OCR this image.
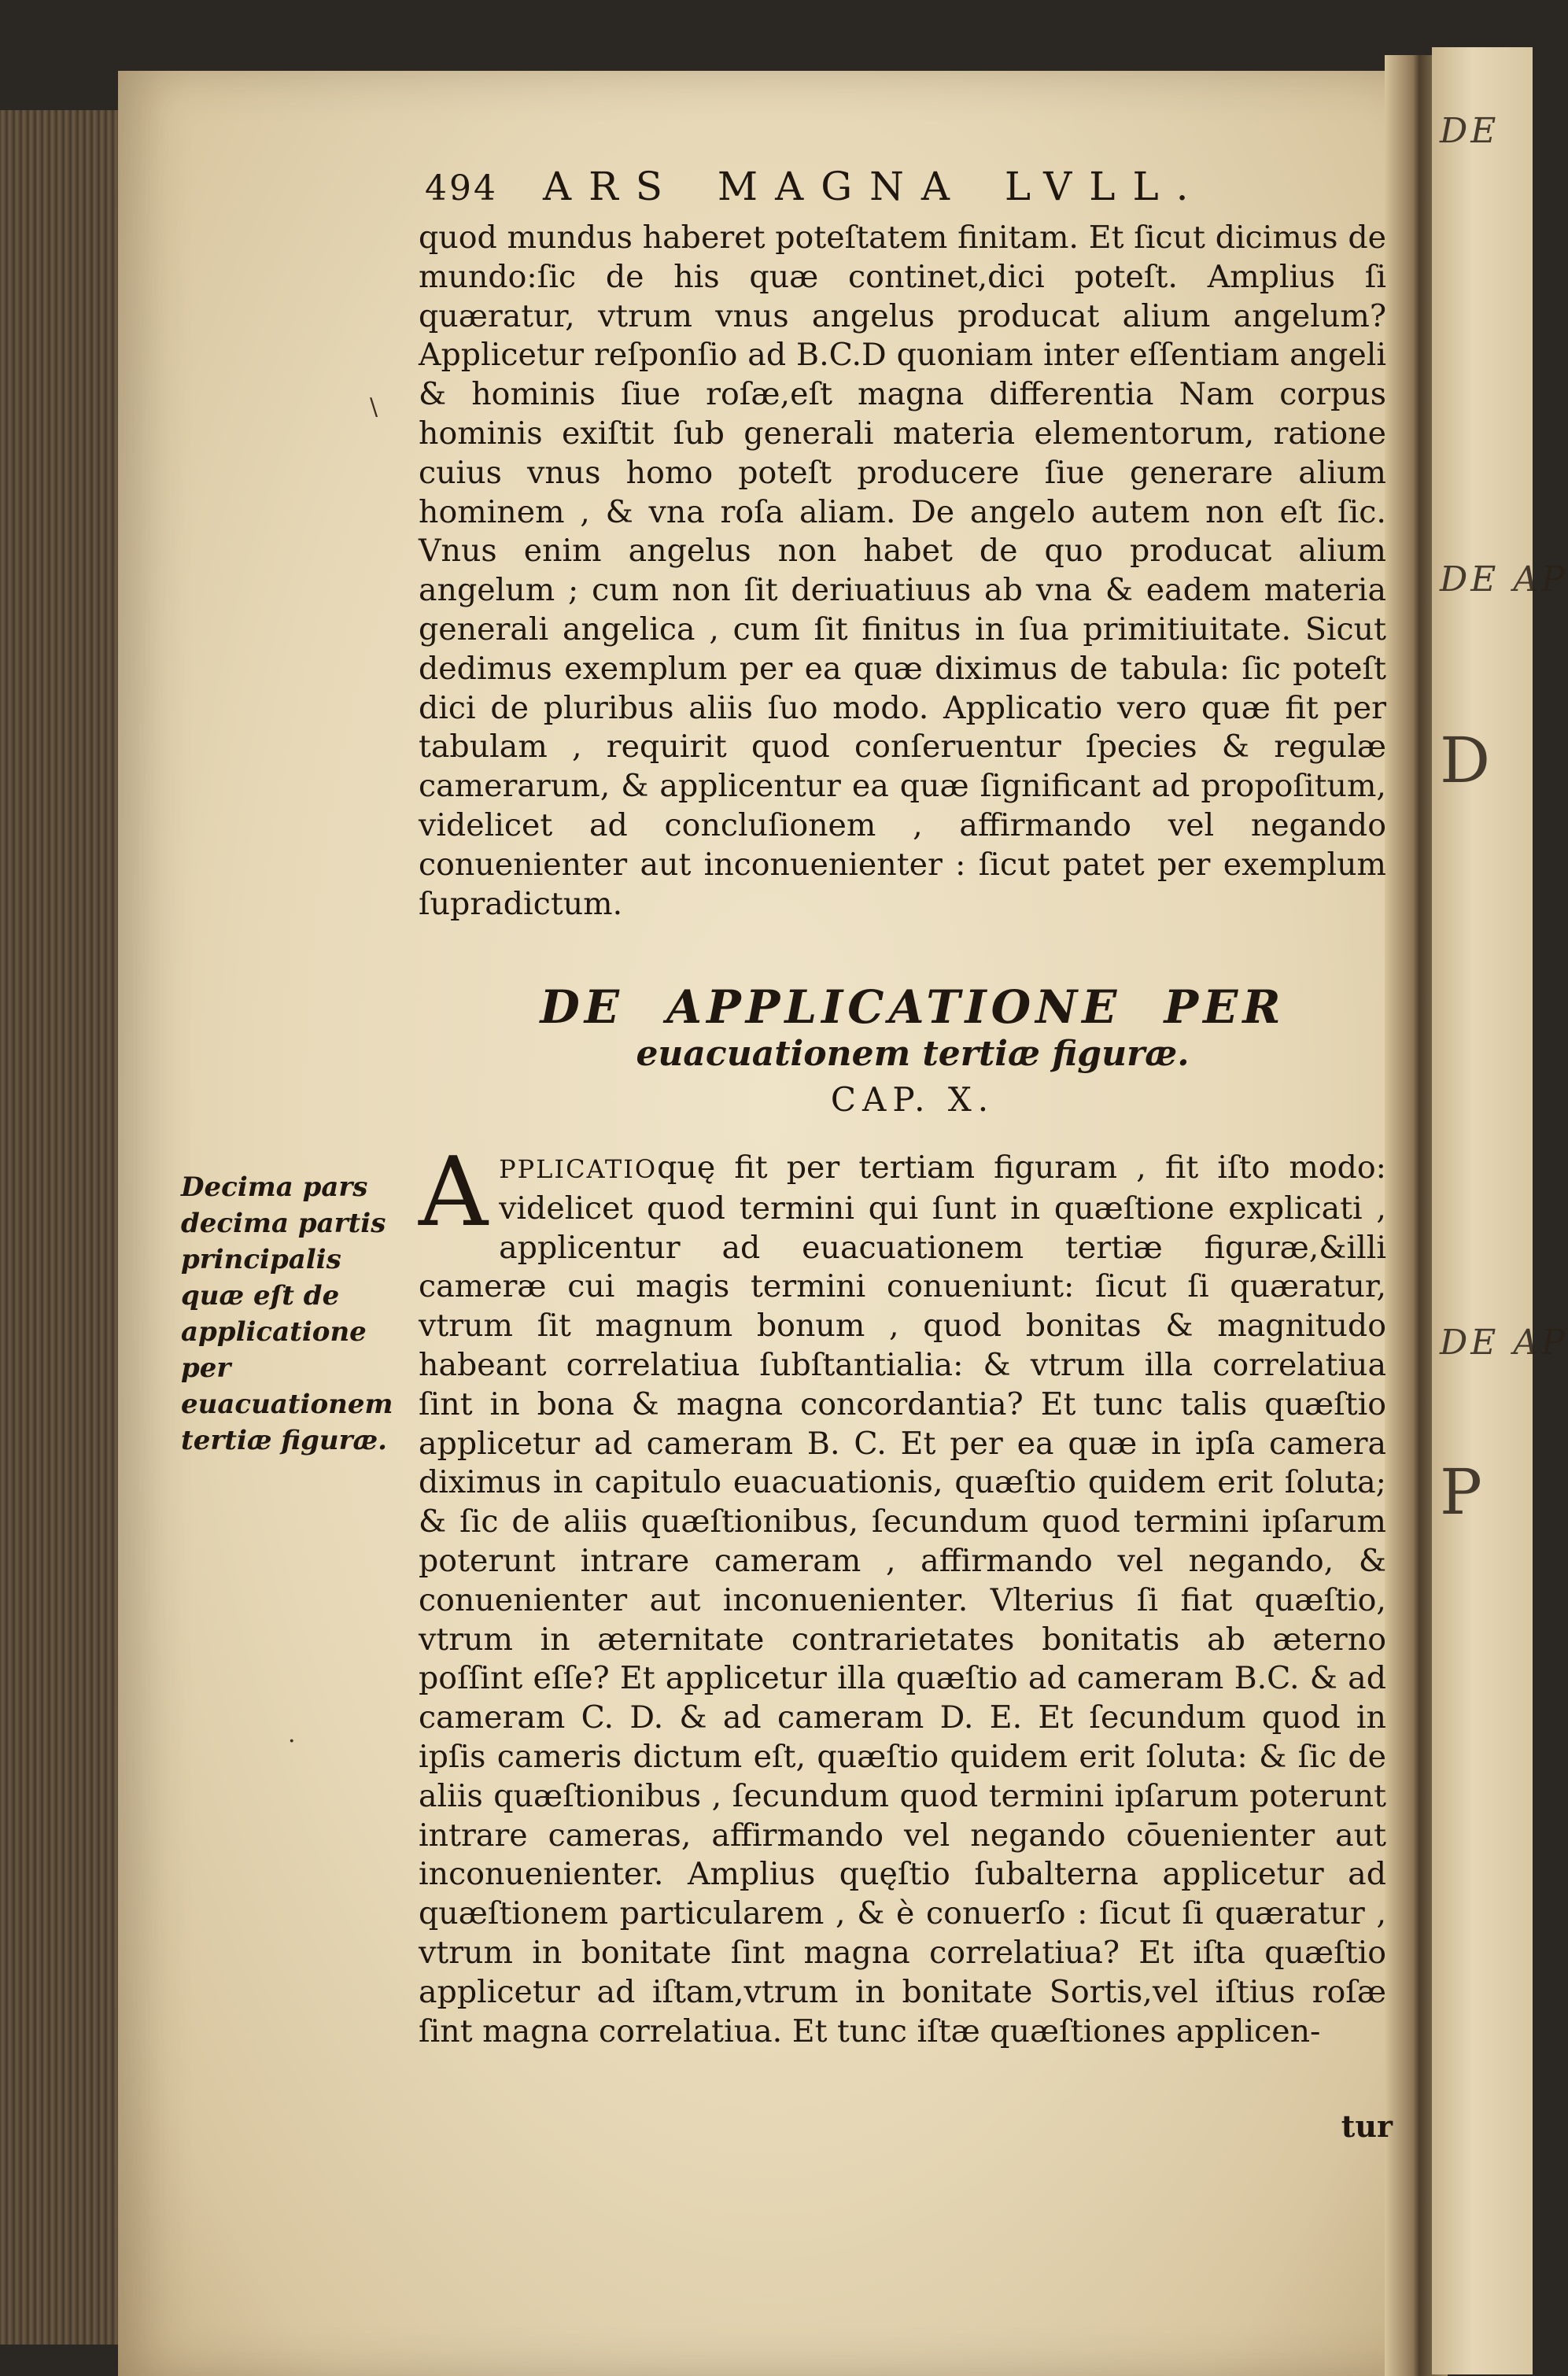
DE
DE AP
DE AP
D
P
494 ARS MAGNA LVLL.

quod mundus haberet poteſtatem finitam. Et ſicut dicimus de mundo:ſic de his quæ continet,dici poteſt. Amplius ſi quæratur, vtrum vnus angelus producat alium angelum? Applicetur reſponſio ad B.C.D quoniam inter eſſentiam angeli & hominis ſiue roſæ,eſt magna differentia Nam corpus hominis exiſtit ſub generali materia elementorum, ratione cuius vnus homo poteſt producere ſiue generare alium hominem , & vna roſa aliam. De angelo autem non eſt ſic. Vnus enim angelus non habet de quo producat alium angelum ; cum non ſit deriuatiuus ab vna & eadem materia generali angelica , cum ſit finitus in ſua primitiuitate. Sicut dedimus exemplum per ea quæ diximus de tabula: ſic poteſt dici de pluribus aliis ſuo modo. Applicatio vero quæ fit per tabulam , requirit quod conſeruentur ſpecies & regulæ camerarum, & applicentur ea quæ ſignificant ad propoſitum, videlicet ad concluſionem , affirmando vel negando conuenienter aut inconuenienter : ſicut patet per exemplum ſupradictum.

DE APPLICATIONE PER
euacuationem tertiæ figuræ.
CAP. X.

Decima pars decima partis principalis quæ eſt de applicatione per euacuationem tertiæ figuræ.

APPLICATIOquę fit per tertiam figuram , fit iſto modo: videlicet quod termini qui ſunt in quæſtione explicati , applicentur ad euacuationem tertiæ figuræ,&illi cameræ cui magis termini conueniunt: ſicut ſi quæratur, vtrum ſit magnum bonum , quod bonitas & magnitudo habeant correlatiua ſubſtantialia: & vtrum illa correlatiua ſint in bona & magna concordantia? Et tunc talis quæſtio applicetur ad cameram B. C. Et per ea quæ in ipſa camera diximus in capitulo euacuationis, quæſtio quidem erit ſoluta; & ſic de aliis quæſtionibus, ſecundum quod termini ipſarum poterunt intrare cameram , affirmando vel negando, & conuenienter aut inconuenienter. Vlterius ſi fiat quæſtio, vtrum in æternitate contrarietates bonitatis ab æterno poſſint eſſe? Et applicetur illa quæſtio ad cameram B.C. & ad cameram C. D. & ad cameram D. E. Et ſecundum quod in ipſis cameris dictum eſt, quæſtio quidem erit ſoluta: & ſic de aliis quæſtionibus , ſecundum quod termini ipſarum poterunt intrare cameras, affirmando vel negando cōuenienter aut inconuenienter. Amplius quęſtio ſubalterna applicetur ad quæſtionem particularem , & è conuerſo : ſicut ſi quæratur , vtrum in bonitate ſint magna correlatiua? Et iſta quæſtio applicetur ad iſtam,vtrum in bonitate Sortis,vel iſtius roſæ ſint magna correlatiua. Et tunc iſtæ quæſtiones applicen-

tur
\
·
